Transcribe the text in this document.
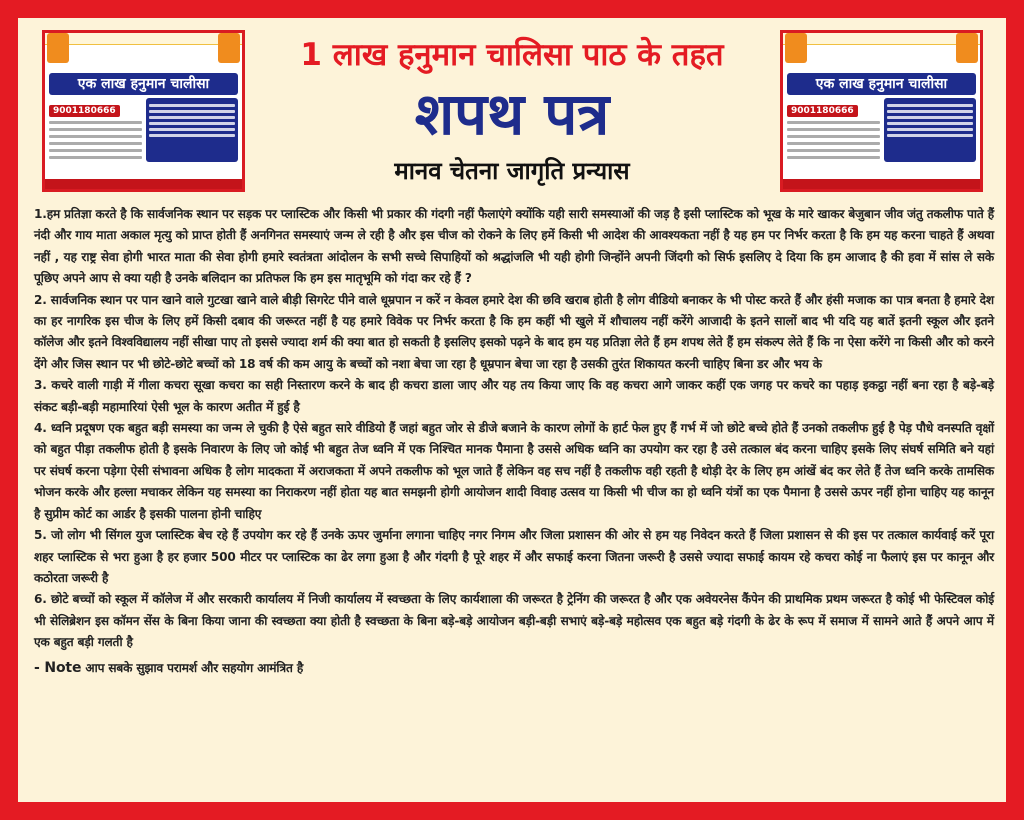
एक लाख हनुमान चालीसा
9001180666
1 लाख हनुमान चालिसा पाठ के तहत
शपथ पत्र
मानव चेतना जागृति प्रन्यास
एक लाख हनुमान चालीसा
9001180666

1.हम प्रतिज्ञा करते है कि सार्वजनिक स्थान पर सड़क पर प्लास्टिक और किसी भी प्रकार की गंदगी नहीं फैलाएंगे क्योंकि यही सारी समस्याओं की जड़ है इसी प्लास्टिक को भूख के मारे खाकर बेजुबान जीव जंतु तकलीफ पाते हैं नंदी और गाय माता अकाल मृत्यु को प्राप्त होती हैं अनगिनत समस्याएं जन्म ले रही है और इस चीज को रोकने के लिए हमें किसी भी आदेश की आवश्यकता नहीं है यह हम पर निर्भर करता है कि हम यह करना चाहते हैं अथवा नहीं , यह राष्ट्र सेवा होगी भारत माता की सेवा होगी हमारे स्वतंत्रता आंदोलन के सभी सच्चे सिपाहियों को श्रद्धांजलि भी यही होगी जिन्होंने अपनी जिंदगी को सिर्फ इसलिए दे दिया कि हम आजाद है की हवा में सांस ले सके पूछिए अपने आप से क्या यही है उनके बलिदान का प्रतिफल कि हम इस मातृभूमि को गंदा कर रहे हैं ?

2. सार्वजनिक स्थान पर पान खाने वाले गुटखा खाने वाले बीड़ी सिगरेट पीने वाले धूम्रपान न करें न केवल हमारे देश की छवि खराब होती है लोग वीडियो बनाकर के भी पोस्ट करते हैं और हंसी मजाक का पात्र बनता है हमारे देश का हर नागरिक इस चीज के लिए हमें किसी दबाव की जरूरत नहीं है यह हमारे विवेक पर निर्भर करता है कि हम कहीं भी खुले में शौचालय नहीं करेंगे आजादी के इतने सालों बाद भी यदि यह बातें इतनी स्कूल और इतने कॉलेज और इतने विश्वविद्यालय नहीं सीखा पाए तो इससे ज्यादा शर्म की क्या बात हो सकती है इसलिए इसको पढ़ने के बाद हम यह प्रतिज्ञा लेते हैं हम शपथ लेते हैं हम संकल्प लेते हैं कि ना ऐसा करेंगे ना किसी और को करने देंगे और जिस स्थान पर भी छोटे-छोटे बच्चों को 18 वर्ष की कम आयु के बच्चों को नशा बेचा जा रहा है धूम्रपान बेचा जा रहा है उसकी तुरंत शिकायत करनी चाहिए बिना डर और भय के

3. कचरे वाली गाड़ी में गीला कचरा सूखा कचरा का सही निस्तारण करने के बाद ही कचरा डाला जाए और यह तय किया जाए कि वह कचरा आगे जाकर कहीं एक जगह पर कचरे का पहाड़ इकट्ठा नहीं बना रहा है बड़े-बड़े संकट बड़ी-बड़ी महामारियां ऐसी भूल के कारण अतीत में हुई है

4. ध्वनि प्रदूषण एक बहुत बड़ी समस्या का जन्म ले चुकी है ऐसे बहुत सारे वीडियो हैं जहां बहुत जोर से डीजे बजाने के कारण लोगों के हार्ट फेल हुए हैं गर्भ में जो छोटे बच्चे होते हैं उनको तकलीफ हुई है पेड़ पौधे वनस्पति वृक्षों को बहुत पीड़ा तकलीफ होती है इसके निवारण के लिए जो कोई भी बहुत तेज ध्वनि में एक निश्चित मानक पैमाना है उससे अधिक ध्वनि का उपयोग कर रहा है उसे तत्काल बंद करना चाहिए इसके लिए संघर्ष समिति बने यहां पर संघर्ष करना पड़ेगा ऐसी संभावना अधिक है लोग मादकता में अराजकता में अपने तकलीफ को भूल जाते हैं लेकिन वह सच नहीं है तकलीफ वही रहती है थोड़ी देर के लिए हम आंखें बंद कर लेते हैं तेज ध्वनि करके तामसिक भोजन करके और हल्ला मचाकर लेकिन यह समस्या का निराकरण नहीं होता यह बात समझनी होगी आयोजन शादी विवाह उत्सव या किसी भी चीज का हो ध्वनि यंत्रों का एक पैमाना है उससे ऊपर नहीं होना चाहिए यह कानून है सुप्रीम कोर्ट का आर्डर है इसकी पालना होनी चाहिए

5. जो लोग भी सिंगल युज प्लास्टिक बेच रहे हैं उपयोग कर रहे हैं उनके ऊपर जुर्माना लगाना चाहिए नगर निगम और जिला प्रशासन की ओर से हम यह निवेदन करते हैं जिला प्रशासन से की इस पर तत्काल कार्यवाई करें पूरा शहर प्लास्टिक से भरा हुआ है हर हजार 500 मीटर पर प्लास्टिक का ढेर लगा हुआ है और गंदगी है पूरे शहर में और सफाई करना जितना जरूरी है उससे ज्यादा सफाई कायम रहे कचरा कोई ना फैलाएं इस पर कानून और कठोरता जरूरी है

6. छोटे बच्चों को स्कूल में कॉलेज में और सरकारी कार्यालय में निजी कार्यालय में स्वच्छता के लिए कार्यशाला की जरूरत है ट्रेनिंग की जरूरत है और एक अवेयरनेस कैंपेन की प्राथमिक प्रथम जरूरत है कोई भी फेस्टिवल कोई भी सेलिब्रेशन इस कॉमन सेंस के बिना किया जाना की स्वच्छता क्या होती है स्वच्छता के बिना बड़े-बड़े आयोजन बड़ी-बड़ी सभाएं बड़े-बड़े महोत्सव एक बहुत बड़े गंदगी के ढेर के रूप में समाज में सामने आते हैं अपने आप में एक बहुत बड़ी गलती है

- Note आप सबके सुझाव परामर्श और सहयोग आमंत्रित है
